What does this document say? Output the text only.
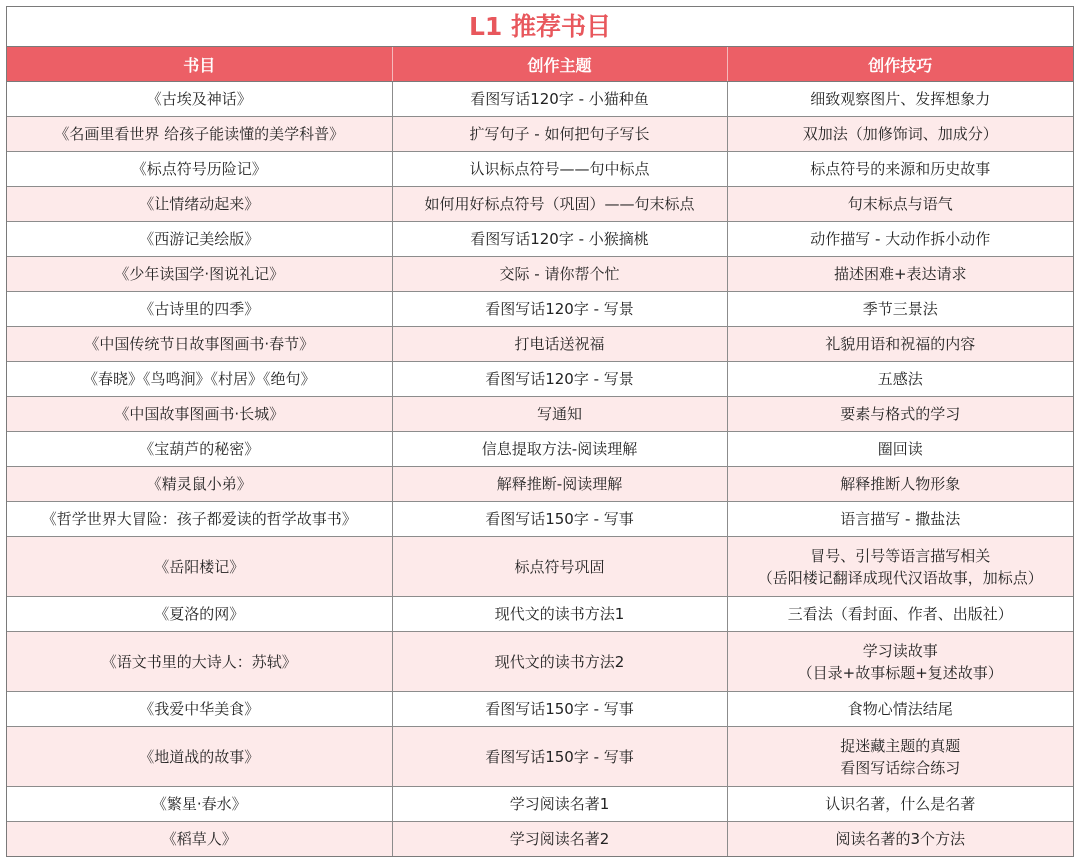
L1 推荐书目
书目	创作主题	创作技巧
《古埃及神话》	看图写话120字 - 小猫种鱼	细致观察图片、发挥想象力
《名画里看世界 给孩子能读懂的美学科普》	扩写句子 - 如何把句子写长	双加法（加修饰词、加成分）
《标点符号历险记》	认识标点符号——句中标点	标点符号的来源和历史故事
《让情绪动起来》	如何用好标点符号（巩固）——句末标点	句末标点与语气
《西游记美绘版》	看图写话120字 - 小猴摘桃	动作描写 - 大动作拆小动作
《少年读国学·图说礼记》	交际 - 请你帮个忙	描述困难+表达请求
《古诗里的四季》	看图写话120字 - 写景	季节三景法
《中国传统节日故事图画书·春节》	打电话送祝福	礼貌用语和祝福的内容
《春晓》《鸟鸣涧》《村居》《绝句》	看图写话120字 - 写景	五感法
《中国故事图画书·长城》	写通知	要素与格式的学习
《宝葫芦的秘密》	信息提取方法-阅读理解	圈回读
《精灵鼠小弟》	解释推断-阅读理解	解释推断人物形象
《哲学世界大冒险：孩子都爱读的哲学故事书》	看图写话150字 - 写事	语言描写 - 撒盐法
《岳阳楼记》	标点符号巩固	冒号、引号等语言描写相关
（岳阳楼记翻译成现代汉语故事，加标点）
《夏洛的网》	现代文的读书方法1	三看法（看封面、作者、出版社）
《语文书里的大诗人：苏轼》	现代文的读书方法2	学习读故事
（目录+故事标题+复述故事）
《我爱中华美食》	看图写话150字 - 写事	食物心情法结尾
《地道战的故事》	看图写话150字 - 写事	捉迷藏主题的真题
看图写话综合练习
《繁星·春水》	学习阅读名著1	认识名著，什么是名著
《稻草人》	学习阅读名著2	阅读名著的3个方法
